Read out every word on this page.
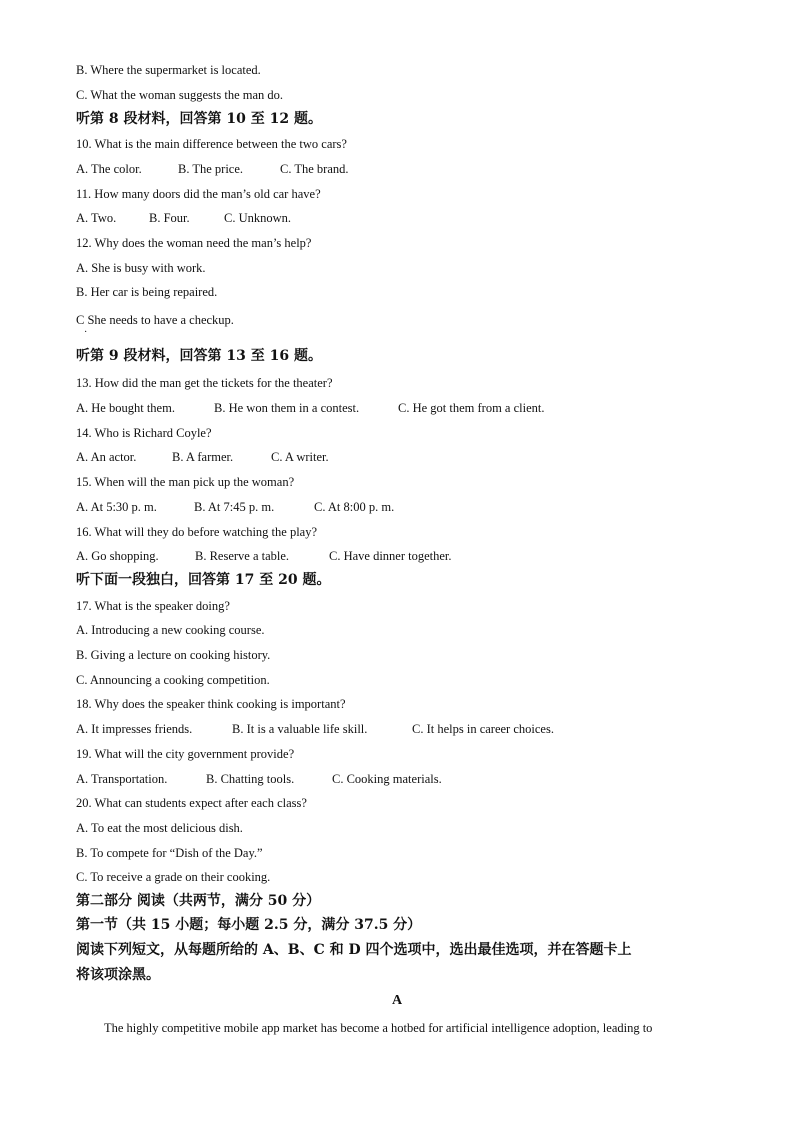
B. Where the supermarket is located.
C. What the woman suggests the man do.
听第 8 段材料，回答第 10 至 12 题。
10. What is the main difference between the two cars?
A. The color.	B. The price.	C. The brand.
11. How many doors did the man’s old car have?
A. Two.	B. Four.	C. Unknown.
12. Why does the woman need the man’s help?
A. She is busy with work.
B. Her car is being repaired.
C She needs to have a checkup.
·
听第 9 段材料，回答第 13 至 16 题。
13. How did the man get the tickets for the theater?
A. He bought them.	B. He won them in a contest.	C. He got them from a client.
14. Who is Richard Coyle?
A. An actor.	B. A farmer.	C. A writer.
15. When will the man pick up the woman?
A. At 5:30 p. m.	B. At 7:45 p. m.	C. At 8:00 p. m.
16. What will they do before watching the play?
A. Go shopping.	B. Reserve a table.	C. Have dinner together.
听下面一段独白，回答第 17 至 20 题。
17. What is the speaker doing?
A. Introducing a new cooking course.
B. Giving a lecture on cooking history.
C. Announcing a cooking competition.
18. Why does the speaker think cooking is important?
A. It impresses friends.	B. It is a valuable life skill.	C. It helps in career choices.
19. What will the city government provide?
A. Transportation.	B. Chatting tools.	C. Cooking materials.
20. What can students expect after each class?
A. To eat the most delicious dish.
B. To compete for “Dish of the Day.”
C. To receive a grade on their cooking.
第二部分 阅读（共两节，满分 50 分）
第一节（共 15 小题；每小题 2.5 分，满分 37.5 分）
阅读下列短文，从每题所给的 A、B、C 和 D 四个选项中，选出最佳选项，并在答题卡上
将该项涂黑。
A
The highly competitive mobile app market has become a hotbed for artificial intelligence adoption, leading to
